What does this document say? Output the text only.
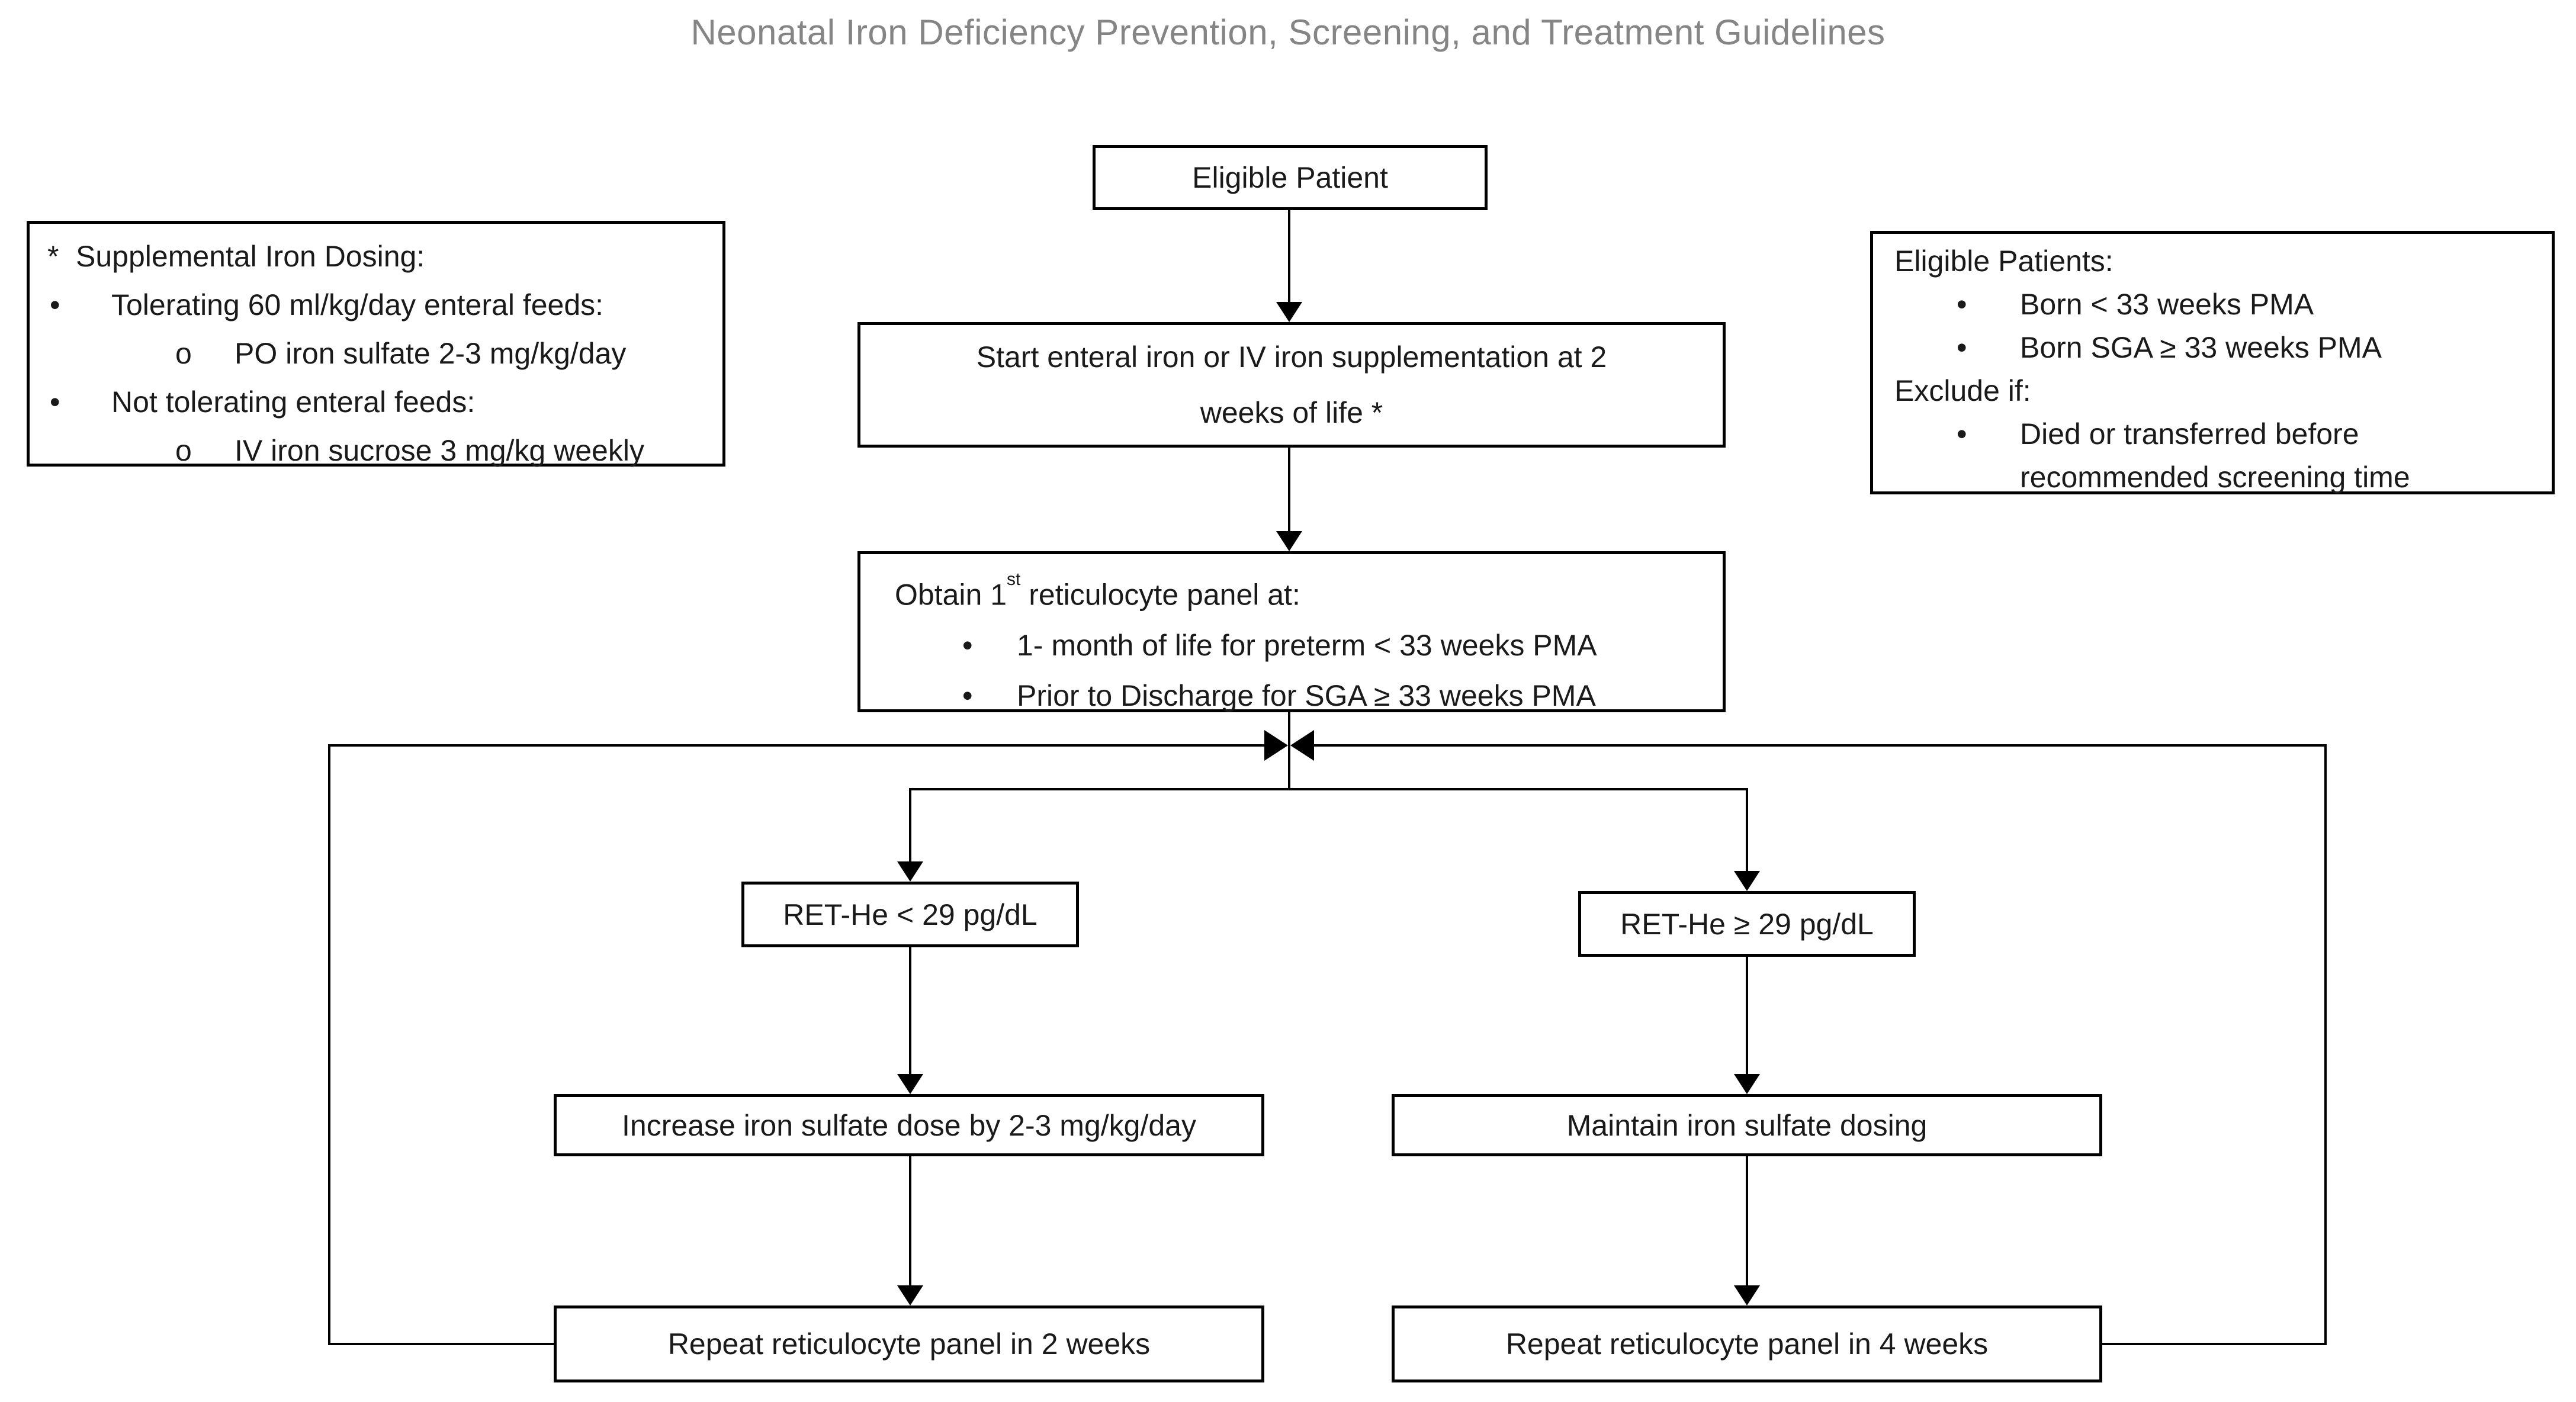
Neonatal Iron Deficiency Prevention, Screening, and Treatment Guidelines
Eligible Patient
Start enteral iron or IV iron supplementation at 2
weeks of life *
Obtain 1st reticulocyte panel at:
• 1- month of life for preterm < 33 weeks PMA
• Prior to Discharge for SGA ≥ 33 weeks PMA
RET-He < 29 pg/dL	RET-He ≥ 29 pg/dL
Increase iron sulfate dose by 2-3 mg/kg/day	Maintain iron sulfate dosing
Repeat reticulocyte panel in 2 weeks	Repeat reticulocyte panel in 4 weeks
* Supplemental Iron Dosing:
•	Tolerating 60 ml/kg/day enteral feeds:
o	PO iron sulfate 2-3 mg/kg/day
•	Not tolerating enteral feeds:
o	IV iron sucrose 3 mg/kg weekly
Eligible Patients:
•	Born < 33 weeks PMA
•	Born SGA ≥ 33 weeks PMA
Exclude if:
•	Died or transferred before recommended screening time
